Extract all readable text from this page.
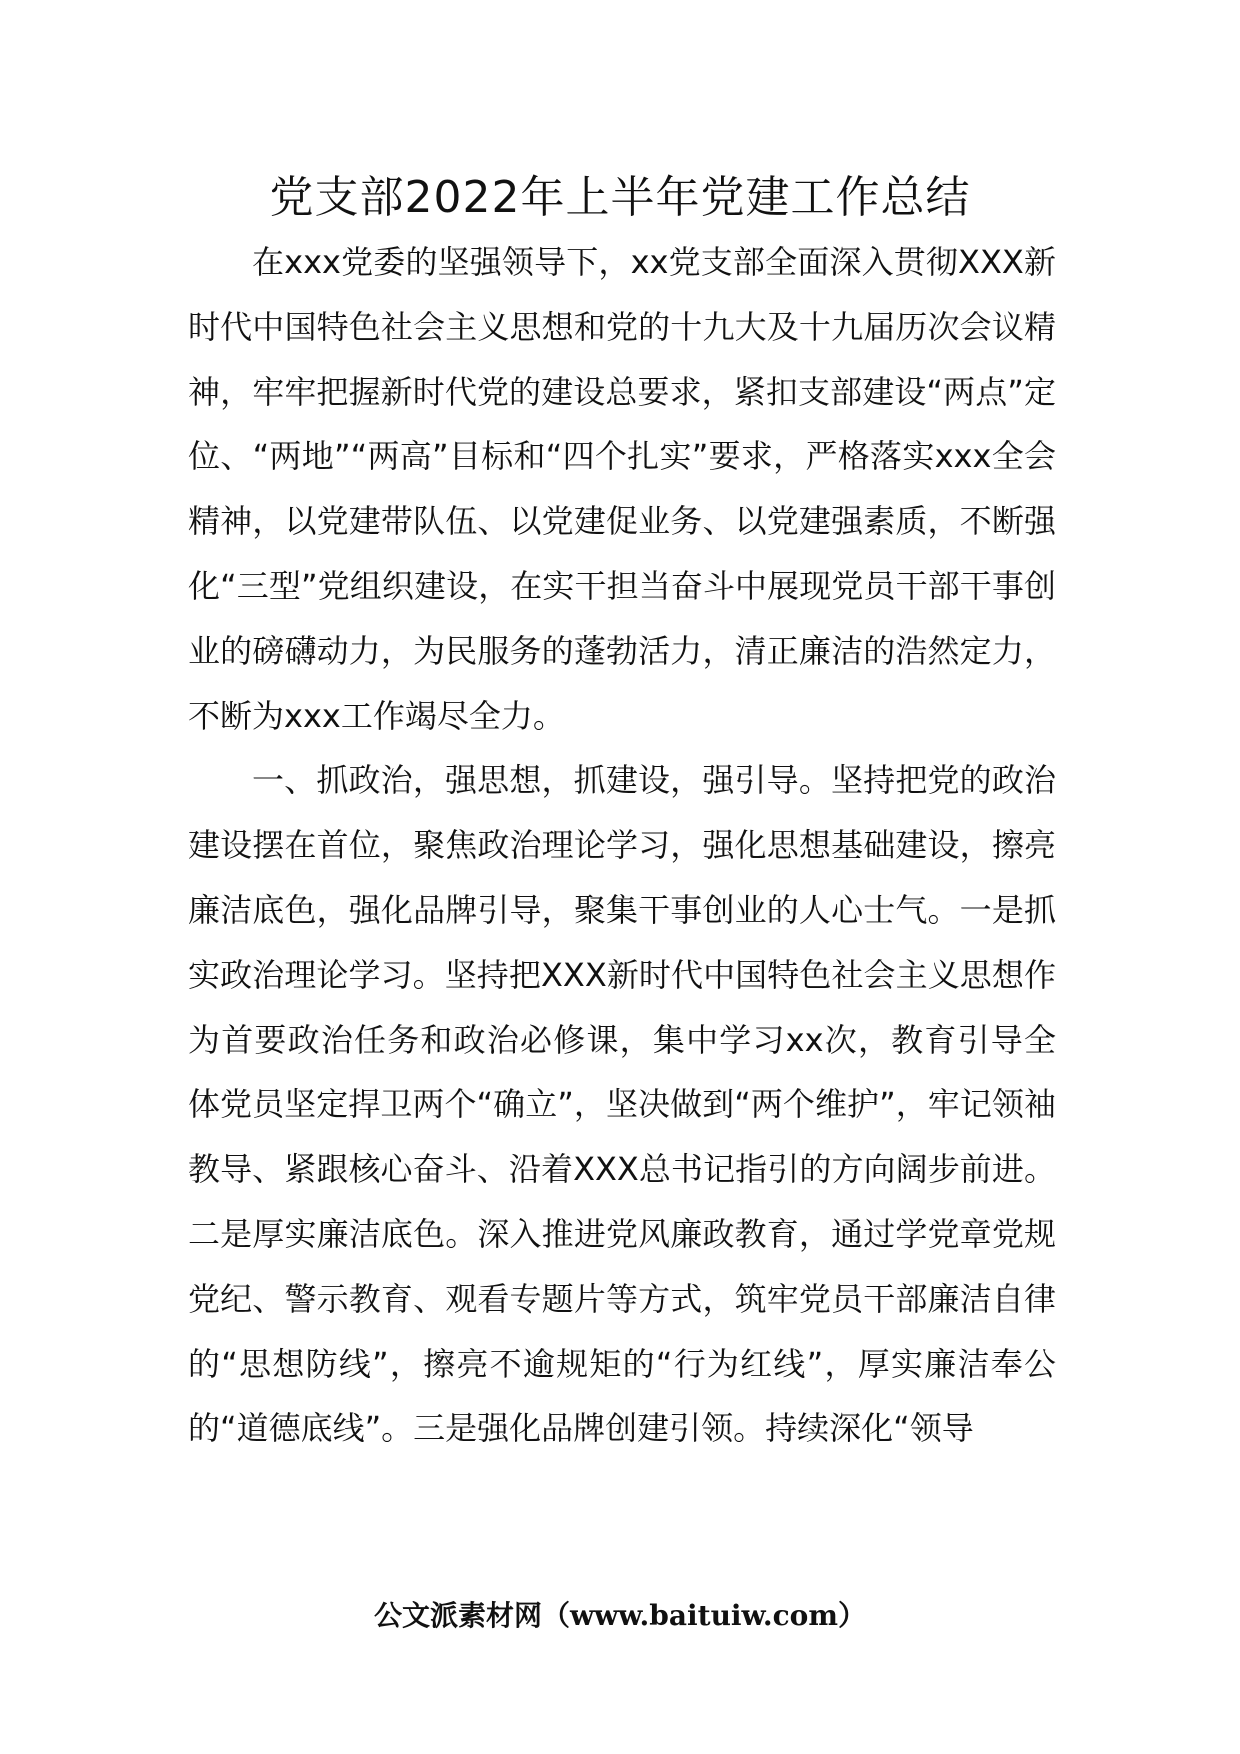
党支部2022年上半年党建工作总结

在xxx党委的坚强领导下，xx党支部全面深入贯彻XXX新时代中国特色社会主义思想和党的十九大及十九届历次会议精神，牢牢把握新时代党的建设总要求，紧扣支部建设“两点”定位、“两地”“两高”目标和“四个扎实”要求，严格落实xxx全会精神，以党建带队伍、以党建促业务、以党建强素质，不断强化“三型”党组织建设，在实干担当奋斗中展现党员干部干事创业的磅礴动力，为民服务的蓬勃活力，清正廉洁的浩然定力，不断为xxx工作竭尽全力。

一、抓政治，强思想，抓建设，强引导。坚持把党的政治建设摆在首位，聚焦政治理论学习，强化思想基础建设，擦亮廉洁底色，强化品牌引导，聚集干事创业的人心士气。一是抓实政治理论学习。坚持把XXX新时代中国特色社会主义思想作为首要政治任务和政治必修课，集中学习xx次，教育引导全体党员坚定捍卫两个“确立”，坚决做到“两个维护”，牢记领袖教导、紧跟核心奋斗、沿着XXX总书记指引的方向阔步前进。二是厚实廉洁底色。深入推进党风廉政教育，通过学党章党规党纪、警示教育、观看专题片等方式，筑牢党员干部廉洁自律的“思想防线”，擦亮不逾规矩的“行为红线”，厚实廉洁奉公的“道德底线”。三是强化品牌创建引领。持续深化“领导

公文派素材网（www.baituiw.com）
